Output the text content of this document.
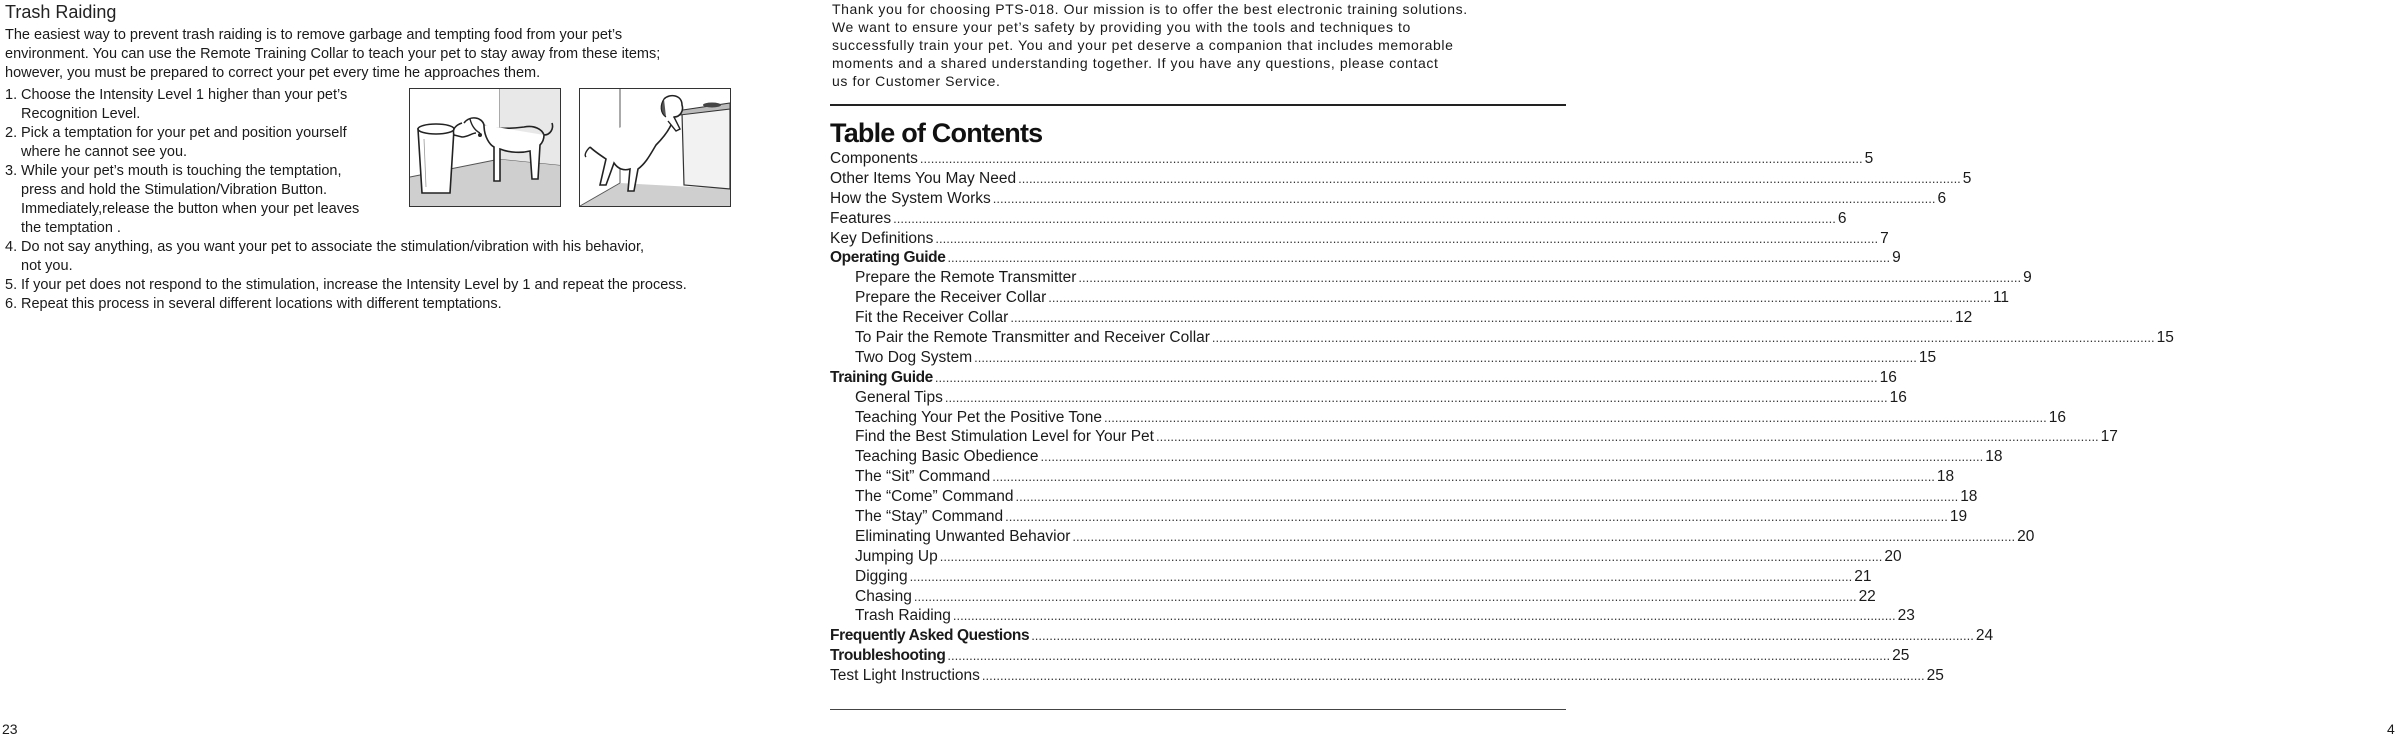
Trash Raiding
The easiest way to prevent trash raiding is to remove garbage and tempting food from your pet’s
environment. You can use the Remote Training Collar to teach your pet to stay away from these items;
however, you must be prepared to correct your pet every time he approaches them.
1. Choose the Intensity Level 1 higher than your pet’s
Recognition Level.
2. Pick a temptation for your pet and position yourself
where he cannot see you.
3. While your pet’s mouth is touching the temptation,
press and hold the Stimulation/Vibration Button.
Immediately,release the button when your pet leaves
the temptation .
4. Do not say anything, as you want your pet to associate the stimulation/vibration with his behavior,
not you.
5. If your pet does not respond to the stimulation, increase the Intensity Level by 1 and repeat the process.
6. Repeat this process in several different locations with different temptations.
23
Thank you for choosing PTS-018. Our mission is to offer the best electronic training solutions.
We want to ensure your pet’s safety by providing you with the tools and techniques to
successfully train your pet. You and your pet deserve a companion that includes memorable
moments and a shared understanding together. If you have any questions, please contact
us for Customer Service.
Table of Contents
Components .....	5
Other Items You May Need .....	5
How the System Works .....	6
Features .....	6
Key Definitions .....	7
Operating Guide .....	9
Prepare the Remote Transmitter .....	9
Prepare the Receiver Collar .....	11
Fit the Receiver Collar .....	12
To Pair the Remote Transmitter and Receiver Collar .....	15
Two Dog System .....	15
Training Guide .....	16
General Tips .....	16
Teaching Your Pet the Positive Tone .....	16
Find the Best Stimulation Level for Your Pet .....	17
Teaching Basic Obedience .....	18
The “Sit” Command .....	18
The “Come” Command .....	18
The “Stay” Command .....	19
Eliminating Unwanted Behavior .....	20
Jumping Up .....	20
Digging .....	21
Chasing .....	22
Trash Raiding .....	23
Frequently Asked Questions .....	24
Troubleshooting .....	25
Test Light Instructions .....	25
4
